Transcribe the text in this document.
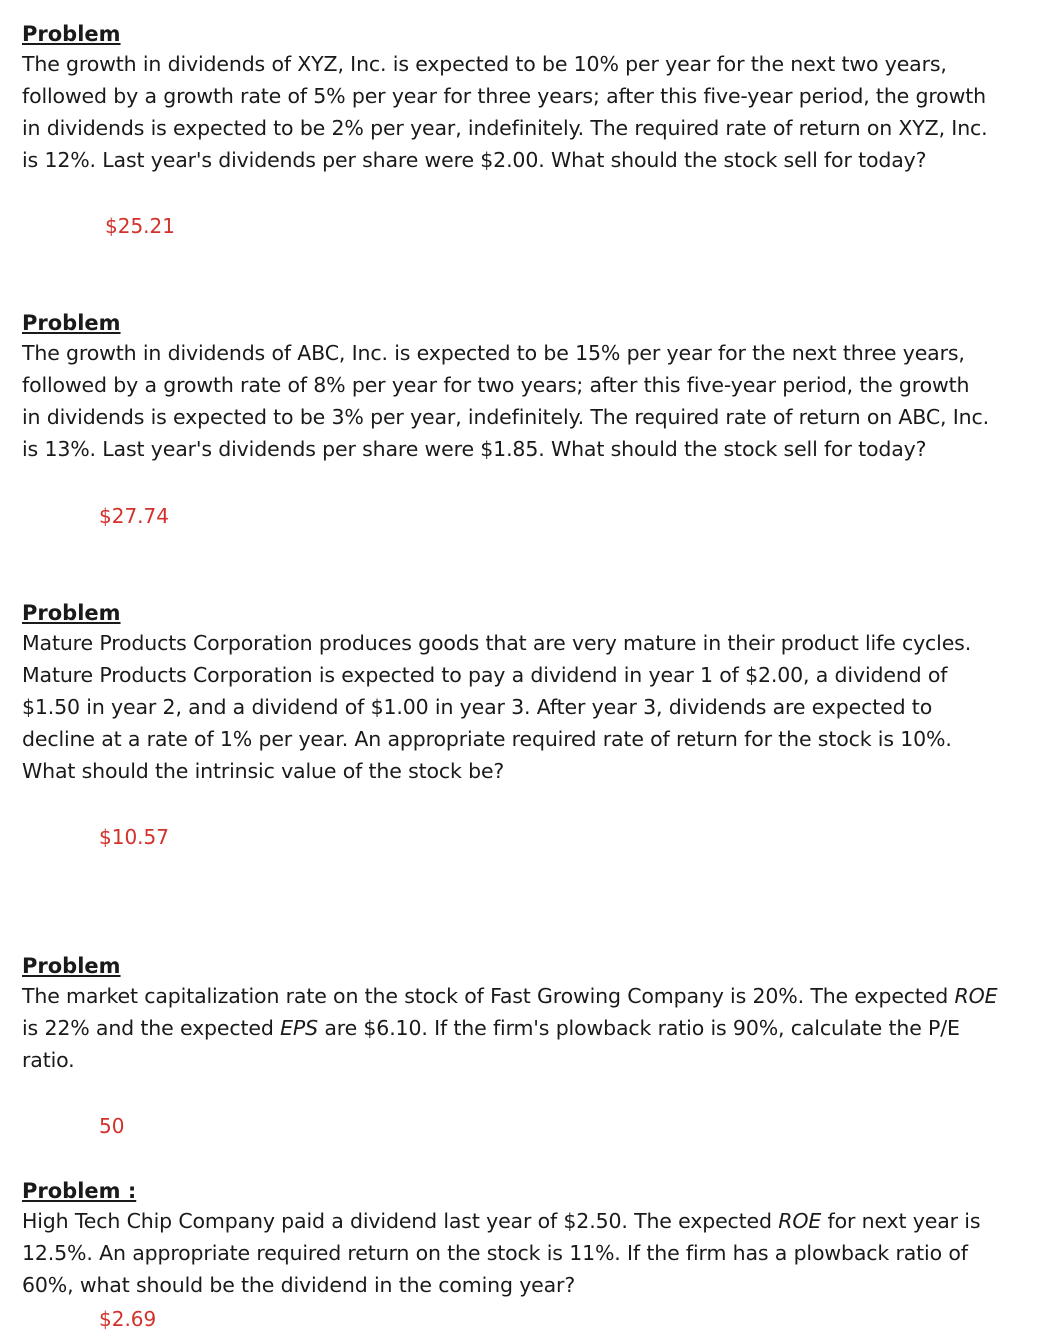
Problem
The growth in dividends of XYZ, Inc. is expected to be 10% per year for the next two years,
followed by a growth rate of 5% per year for three years; after this five-year period, the growth
in dividends is expected to be 2% per year, indefinitely. The required rate of return on XYZ, Inc.
is 12%. Last year's dividends per share were $2.00. What should the stock sell for today?
$25.21
Problem
The growth in dividends of ABC, Inc. is expected to be 15% per year for the next three years,
followed by a growth rate of 8% per year for two years; after this five-year period, the growth
in dividends is expected to be 3% per year, indefinitely. The required rate of return on ABC, Inc.
is 13%. Last year's dividends per share were $1.85. What should the stock sell for today?
$27.74
Problem
Mature Products Corporation produces goods that are very mature in their product life cycles.
Mature Products Corporation is expected to pay a dividend in year 1 of $2.00, a dividend of
$1.50 in year 2, and a dividend of $1.00 in year 3. After year 3, dividends are expected to
decline at a rate of 1% per year. An appropriate required rate of return for the stock is 10%.
What should the intrinsic value of the stock be?
$10.57
Problem
The market capitalization rate on the stock of Fast Growing Company is 20%. The expected ROE
is 22% and the expected EPS are $6.10. If the firm's plowback ratio is 90%, calculate the P/E
ratio.
50
Problem :
High Tech Chip Company paid a dividend last year of $2.50. The expected ROE for next year is
12.5%. An appropriate required return on the stock is 11%. If the firm has a plowback ratio of
60%, what should be the dividend in the coming year?
$2.69
